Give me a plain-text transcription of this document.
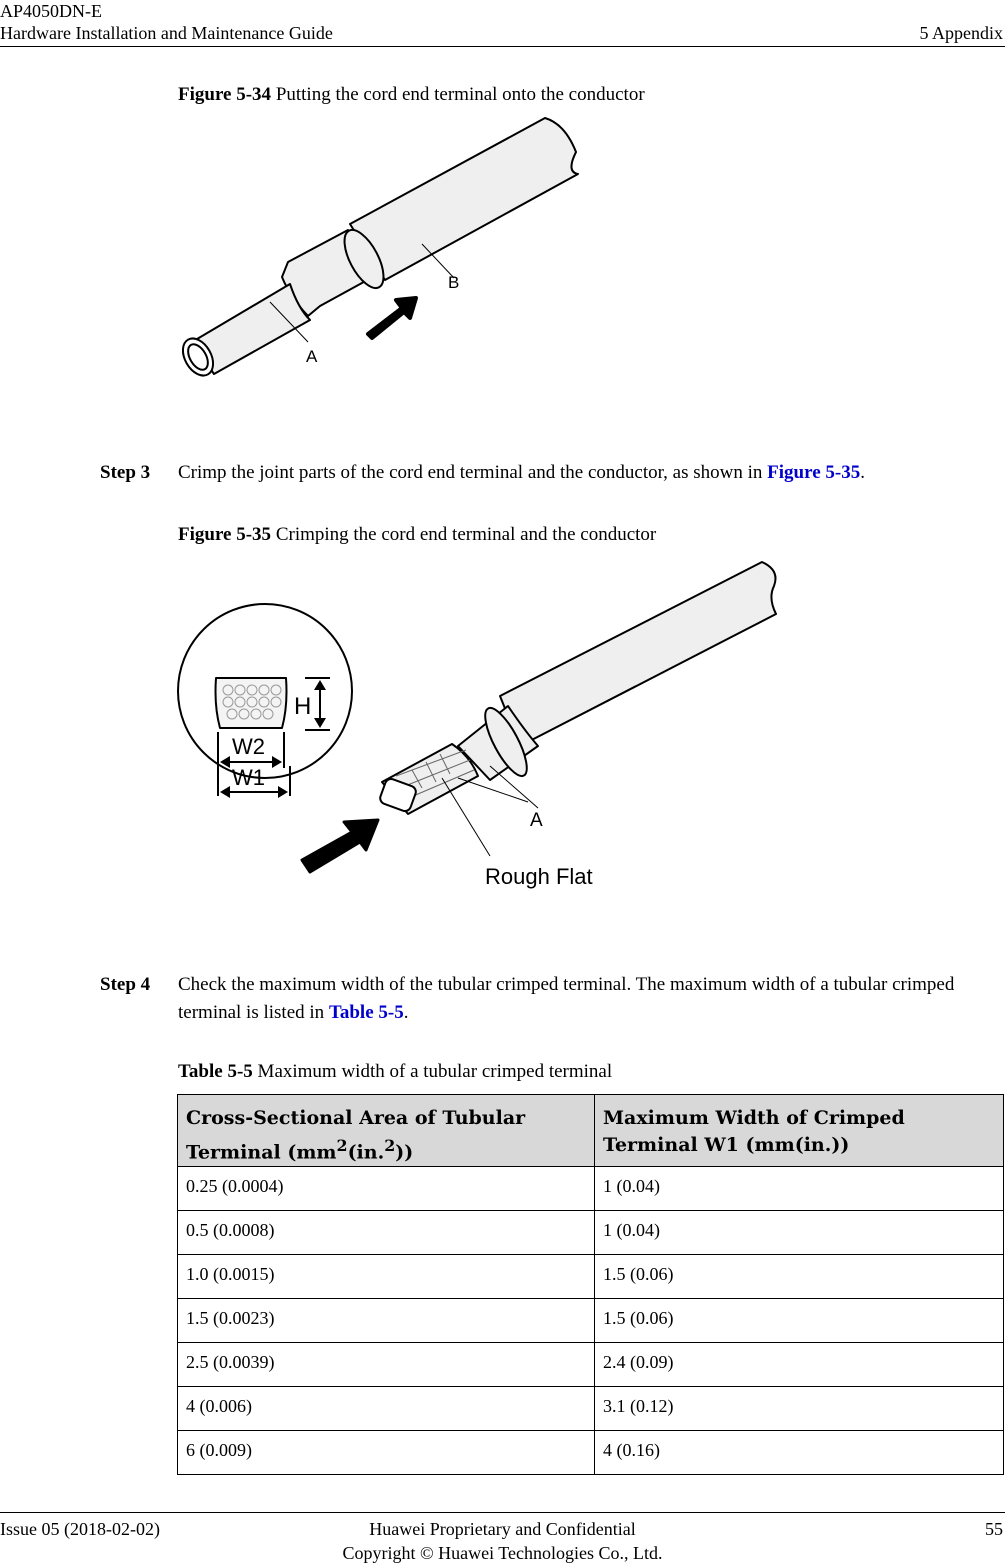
AP4050DN-E
Hardware Installation and Maintenance Guide	5 Appendix
Figure 5-34 Putting the cord end terminal onto the conductor
A
B
Step 3 Crimp the joint parts of the cord end terminal and the conductor, as shown in Figure 5-35.
Figure 5-35 Crimping the cord end terminal and the conductor
H
W2
W1
A
Rough Flat
Step 4 Check the maximum width of the tubular crimped terminal. The maximum width of a tubular crimped terminal is listed in Table 5-5.
Table 5-5 Maximum width of a tubular crimped terminal
Cross-Sectional Area of Tubular Terminal $(mm^2(in.^2))$	Maximum Width of Crimped Terminal W1 (mm(in.))
0.25 (0.0004)	1 (0.04)
0.5 (0.0008)	1 (0.04)
1.0 (0.0015)	1.5 (0.06)
1.5 (0.0023)	1.5 (0.06)
2.5 (0.0039)	2.4 (0.09)
4 (0.006)	3.1 (0.12)
6 (0.009)	4 (0.16)
Issue 05 (2018-02-02)	Huawei Proprietary and Confidential
Copyright © Huawei Technologies Co., Ltd.
55
